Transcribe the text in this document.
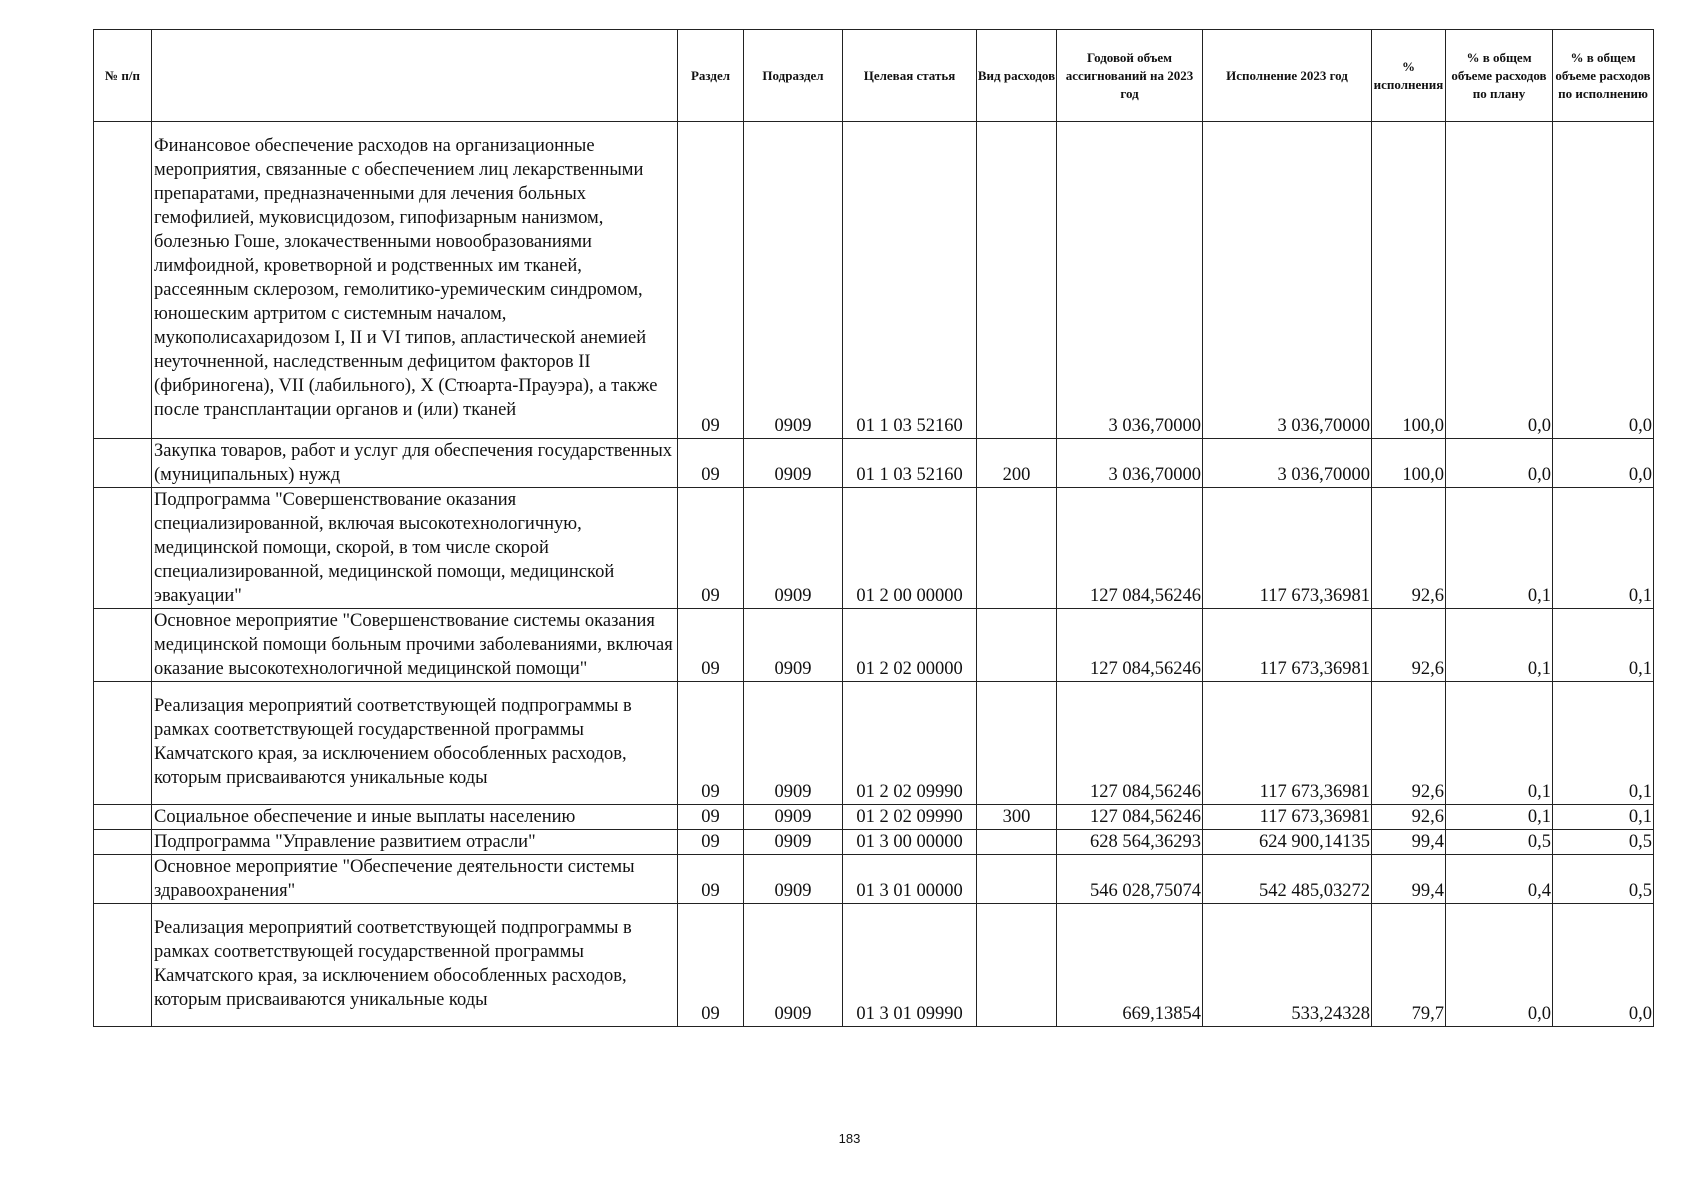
№ п/п		Раздел	Подраздел	Целевая статья	Вид расходов	Годовой объем ассигнований на 2023 год	Исполнение 2023 год	% исполнения	% в общем объеме расходов по плану	% в общем объеме расходов по исполнению
	Финансовое обеспечение расходов на организационные мероприятия, связанные с обеспечением лиц лекарственными препаратами, предназначенными для лечения больных гемофилией, муковисцидозом, гипофизарным нанизмом, болезнью Гоше, злокачественными новообразованиями лимфоидной, кроветворной и родственных им тканей, рассеянным склерозом, гемолитико-уремическим синдромом, юношеским артритом с системным началом, мукополисахаридозом I, II и VI типов, апластической анемией неуточненной, наследственным дефицитом факторов II (фибриногена), VII (лабильного), X (Стюарта-Прауэра), а также после трансплантации органов и (или) тканей	09	0909	01 1 03 52160		3 036,70000	3 036,70000	100,0	0,0	0,0
	Закупка товаров, работ и услуг для обеспечения государственных (муниципальных) нужд	09	0909	01 1 03 52160	200	3 036,70000	3 036,70000	100,0	0,0	0,0
	Подпрограмма "Совершенствование оказания специализированной, включая высокотехнологичную, медицинской помощи, скорой, в том числе скорой специализированной, медицинской помощи, медицинской эвакуации"	09	0909	01 2 00 00000		127 084,56246	117 673,36981	92,6	0,1	0,1
	Основное мероприятие "Совершенствование системы оказания медицинской помощи больным прочими заболеваниями, включая оказание высокотехнологичной медицинской помощи"	09	0909	01 2 02 00000		127 084,56246	117 673,36981	92,6	0,1	0,1
	Реализация мероприятий соответствующей подпрограммы в рамках соответствующей государственной программы Камчатского края, за исключением обособленных расходов, которым присваиваются уникальные коды	09	0909	01 2 02 09990		127 084,56246	117 673,36981	92,6	0,1	0,1
	Социальное обеспечение и иные выплаты населению	09	0909	01 2 02 09990	300	127 084,56246	117 673,36981	92,6	0,1	0,1
	Подпрограмма "Управление развитием отрасли"	09	0909	01 3 00 00000		628 564,36293	624 900,14135	99,4	0,5	0,5
	Основное мероприятие "Обеспечение деятельности системы здравоохранения"	09	0909	01 3 01 00000		546 028,75074	542 485,03272	99,4	0,4	0,5
	Реализация мероприятий соответствующей подпрограммы в рамках соответствующей государственной программы Камчатского края, за исключением обособленных расходов, которым присваиваются уникальные коды	09	0909	01 3 01 09990		669,13854	533,24328	79,7	0,0	0,0
183
